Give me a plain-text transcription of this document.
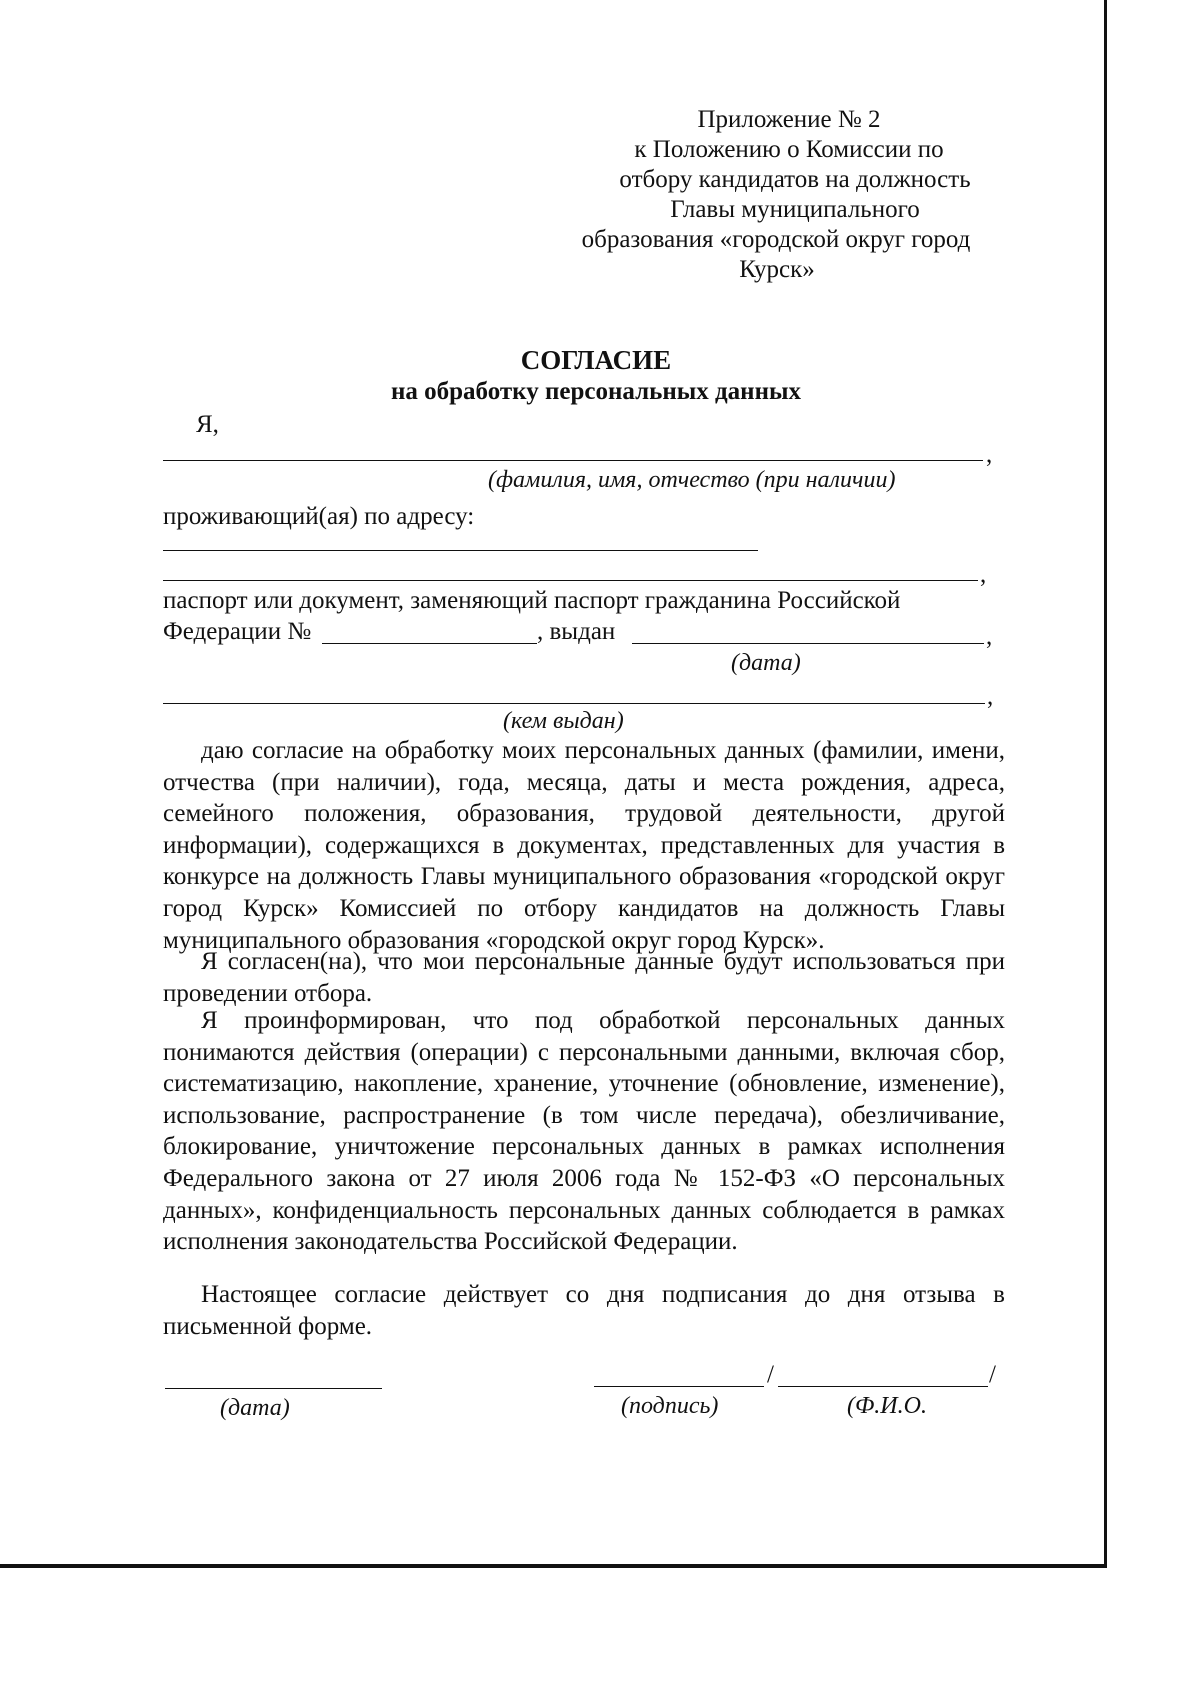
Приложение № 2
к Положению о Комиссии по
отбору кандидатов на должность
Главы муниципального
образования «городской округ город
Курск»
СОГЛАСИЕ
на обработку персональных данных
Я,
,
(фамилия, имя, отчество (при наличии)
проживающий(ая) по адресу:
,
паспорт или документ, заменяющий паспорт гражданина Российской
Федерации №	, выдан	,
(дата)
,
(кем выдан)

даю согласие на обработку моих персональных данных (фамилии, имени, отчества (при наличии), года, месяца, даты и места рождения, адреса, семейного положения, образования, трудовой деятельности, другой информации), содержащихся в документах, представленных для участия в конкурсе на должность Главы муниципального образования «городской округ город Курск» Комиссией по отбору кандидатов на должность Главы муниципального образования «городской округ город Курск».

Я согласен(на), что мои персональные данные будут использоваться при проведении отбора.

Я проинформирован, что под обработкой персональных данных понимаются действия (операции) с персональными данными, включая сбор, систематизацию, накопление, хранение, уточнение (обновление, изменение), использование, распространение (в том числе передача), обезличивание, блокирование, уничтожение персональных данных в рамках исполнения Федерального закона от 27 июля 2006 года № 152-ФЗ «О персональных данных», конфиденциальность персональных данных соблюдается в рамках исполнения законодательства Российской Федерации.

Настоящее согласие действует со дня подписания до дня отзыва в письменной форме.

(дата)
/	/
(подпись)	(Ф.И.О.
